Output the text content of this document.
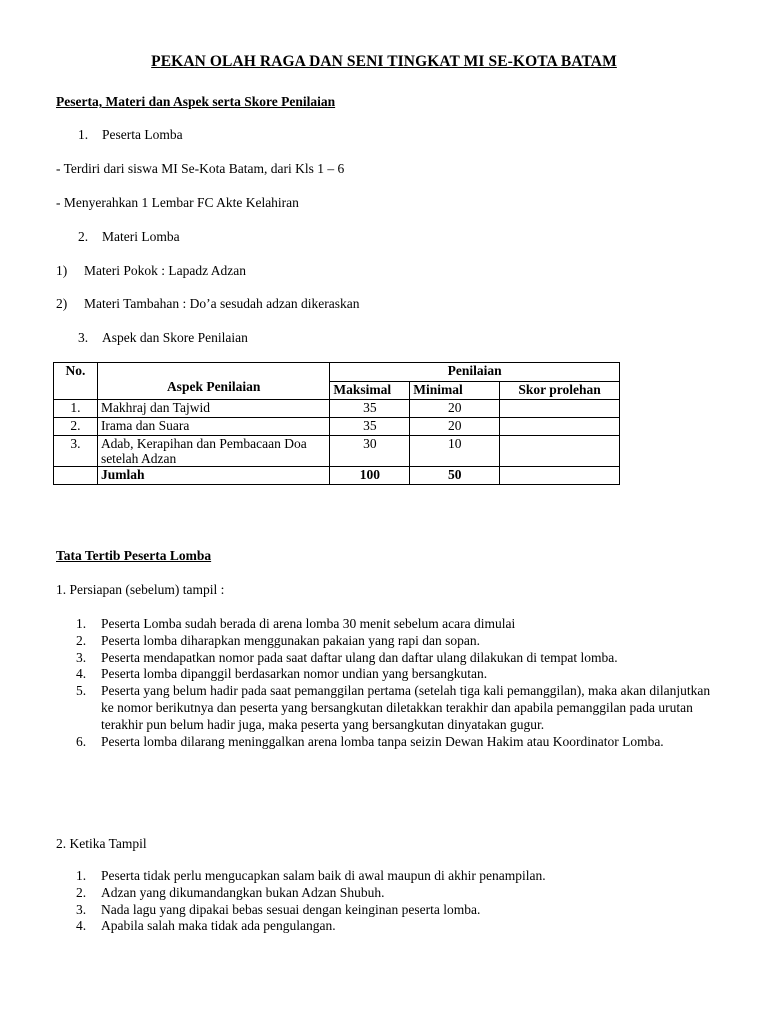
PEKAN OLAH RAGA DAN SENI TINGKAT MI SE-KOTA BATAM
Peserta, Materi dan Aspek serta Skore Penilaian
1. Peserta Lomba
- Terdiri dari siswa MI Se-Kota Batam, dari Kls 1 – 6
- Menyerahkan 1 Lembar FC Akte Kelahiran
2. Materi Lomba
1) Materi Pokok : Lapadz Adzan
2) Materi Tambahan : Do’a sesudah adzan dikeraskan
3. Aspek dan Skore Penilaian
No.	Aspek Penilaian	Penilaian		
		Maksimal	Minimal	Skor prolehan
1.	Makhraj dan Tajwid	35	20	
2.	Irama dan Suara	35	20	
3.	Adab, Kerapihan dan Pembacaan Doa setelah Adzan	30	10	
	Jumlah	100	50	
Tata Tertib Peserta Lomba
1. Persiapan (sebelum) tampil :
1. Peserta Lomba sudah berada di arena lomba 30 menit sebelum acara dimulai
2. Peserta lomba diharapkan menggunakan pakaian yang rapi dan sopan.
3. Peserta mendapatkan nomor pada saat daftar ulang dan daftar ulang dilakukan di tempat lomba.
4. Peserta lomba dipanggil berdasarkan nomor undian yang bersangkutan.
5. Peserta yang belum hadir pada saat pemanggilan pertama (setelah tiga kali pemanggilan), maka akan dilanjutkan ke nomor berikutnya dan peserta yang bersangkutan diletakkan terakhir dan apabila pemanggilan pada urutan terakhir pun belum hadir juga, maka peserta yang bersangkutan dinyatakan gugur.
6. Peserta lomba dilarang meninggalkan arena lomba tanpa seizin Dewan Hakim atau Koordinator Lomba.
2. Ketika Tampil
1. Peserta tidak perlu mengucapkan salam baik di awal maupun di akhir penampilan.
2. Adzan yang dikumandangkan bukan Adzan Shubuh.
3. Nada lagu yang dipakai bebas sesuai dengan keinginan peserta lomba.
4. Apabila salah maka tidak ada pengulangan.
